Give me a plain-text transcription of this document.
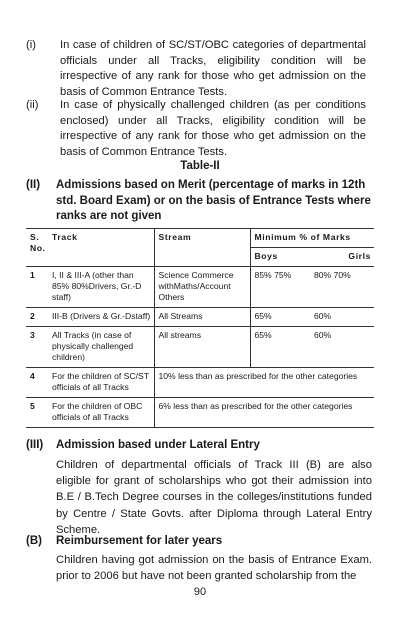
(i) In case of children of SC/ST/OBC categories of departmental officials under all Tracks, eligibility condition will be irrespective of any rank for those who get admission on the basis of Common Entrance Tests.
(ii) In case of physically challenged children (as per conditions enclosed) under all Tracks, eligibility condition will be irrespective of any rank for those who get admission on the basis of Common Entrance Tests.
Table-II
(II) Admissions based on Merit (percentage of marks in 12th std. Board Exam) or on the basis of Entrance Tests where ranks are not given
S. No.	Track	Stream	Minimum % of Marks	
			Boys	Girls
1	I, II & III-A (other than 85% 80%Drivers, Gr.-D staff)	Science Commerce withMaths/Account Others	85% 75%	80% 70%
2	III-B (Drivers & Gr.-Dstaff)	All Streams	65%	60%
3	All Tracks (in case of physically challenged children)	All streams	65%	60%
4	For the children of SC/ST officials of all Tracks	10% less than as prescribed for the other categories		
5	For the children of OBC officials of all Tracks	6% less than as prescribed for the other categories		
(III) Admission based under Lateral Entry
Children of departmental officials of Track III (B) are also eligible for grant of scholarships who got their admission into B.E / B.Tech Degree courses in the colleges/institutions funded by Centre / State Govts. after Diploma through Lateral Entry Scheme.
(B) Reimbursement for later years
Children having got admission on the basis of Entrance Exam. prior to 2006 but have not been granted scholarship from the
90
